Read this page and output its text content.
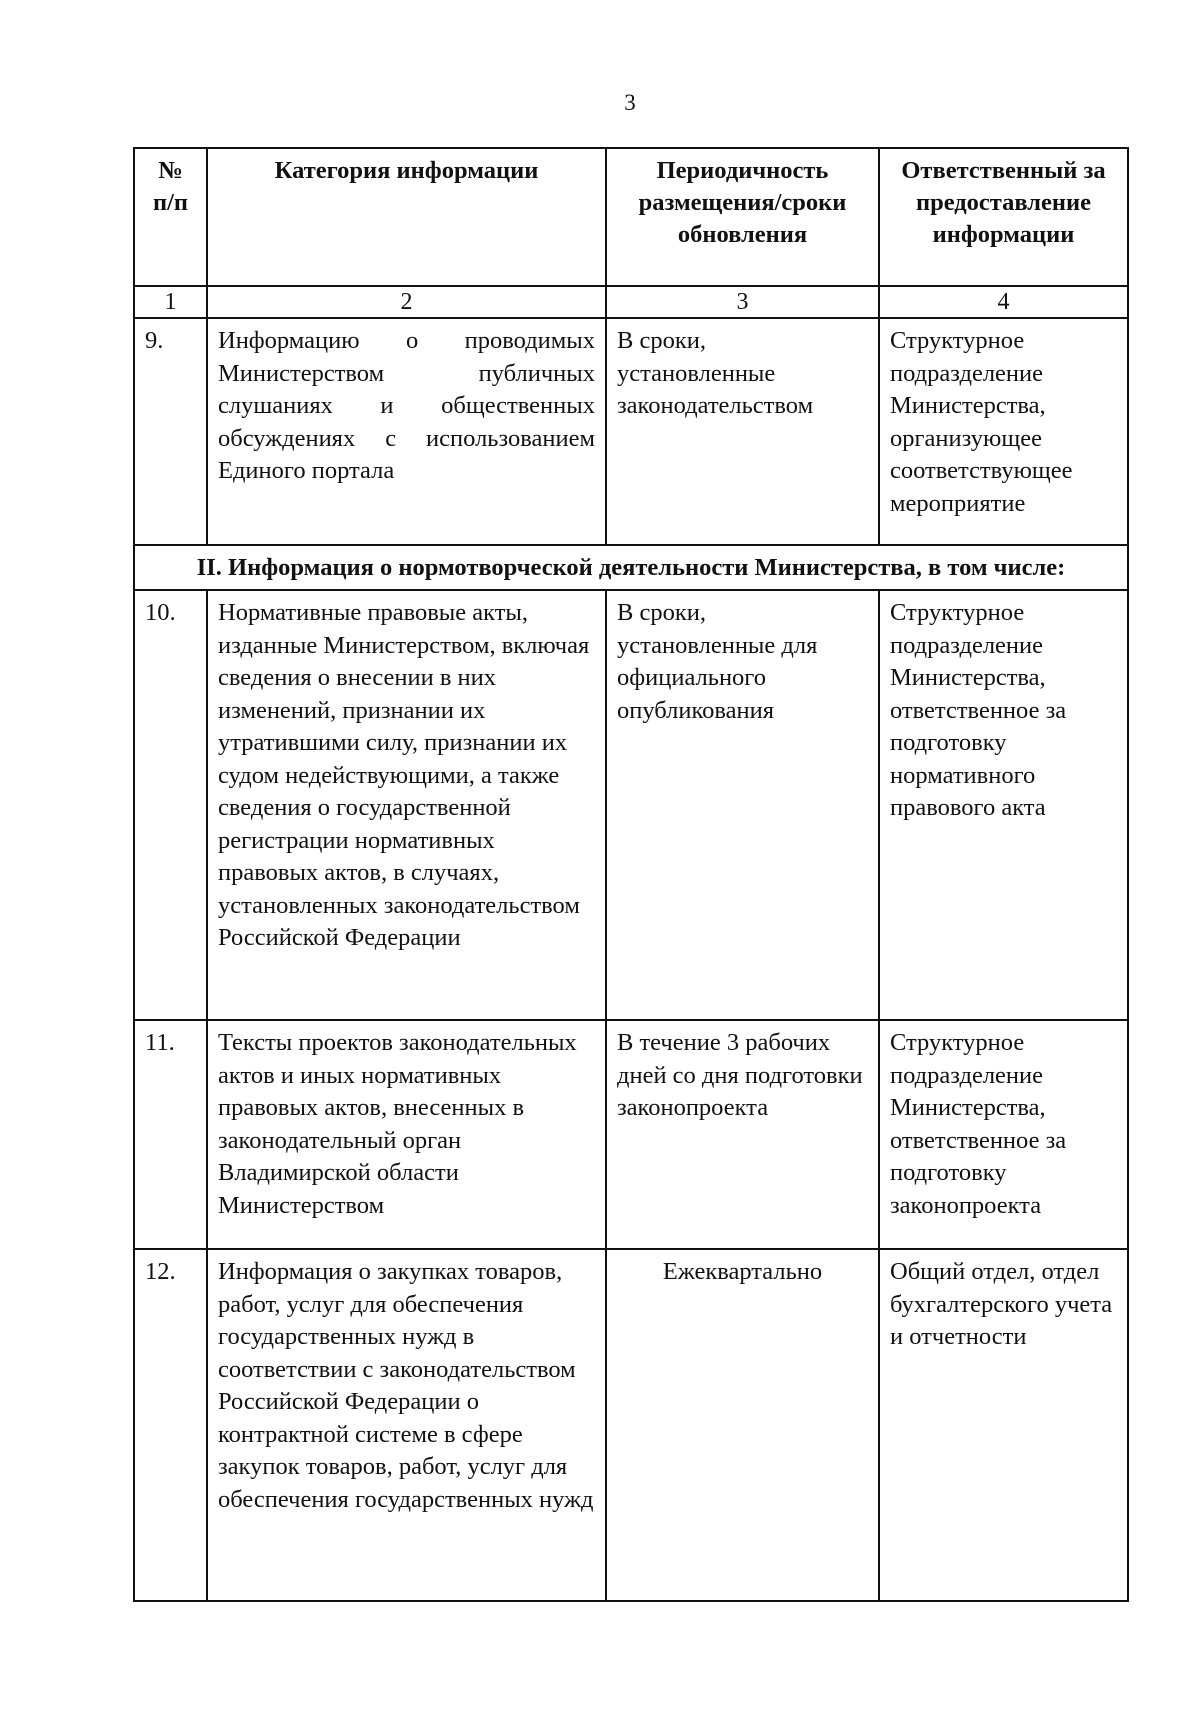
3
№ п/п	Категория информации	Периодичность размещения/сроки обновления	Ответственный за предоставление информации
1	2	3	4
9.	Информацию о проводимых Министерством публичных слушаниях и общественных обсуждениях с использованием Единого портала	В сроки, установленные законодательством	Структурное подразделение Министерства, организующее соответствующее мероприятие
II. Информация о нормотворческой деятельности Министерства, в том числе:			
10.	Нормативные правовые акты, изданные Министерством, включая сведения о внесении в них изменений, признании их утратившими силу, признании их судом недействующими, а также сведения о государственной регистрации нормативных правовых актов, в случаях, установленных законодательством Российской Федерации	В сроки, установленные для официального опубликования	Структурное подразделение Министерства, ответственное за подготовку нормативного правового акта
11.	Тексты проектов законодательных актов и иных нормативных правовых актов, внесенных в законодательный орган Владимирской области Министерством	В течение 3 рабочих дней со дня подготовки законопроекта	Структурное подразделение Министерства, ответственное за подготовку законопроекта
12.	Информация о закупках товаров, работ, услуг для обеспечения государственных нужд в соответствии с законодательством Российской Федерации о контрактной системе в сфере закупок товаров, работ, услуг для обеспечения государственных нужд	Ежеквартально	Общий отдел, отдел бухгалтерского учета и отчетности
